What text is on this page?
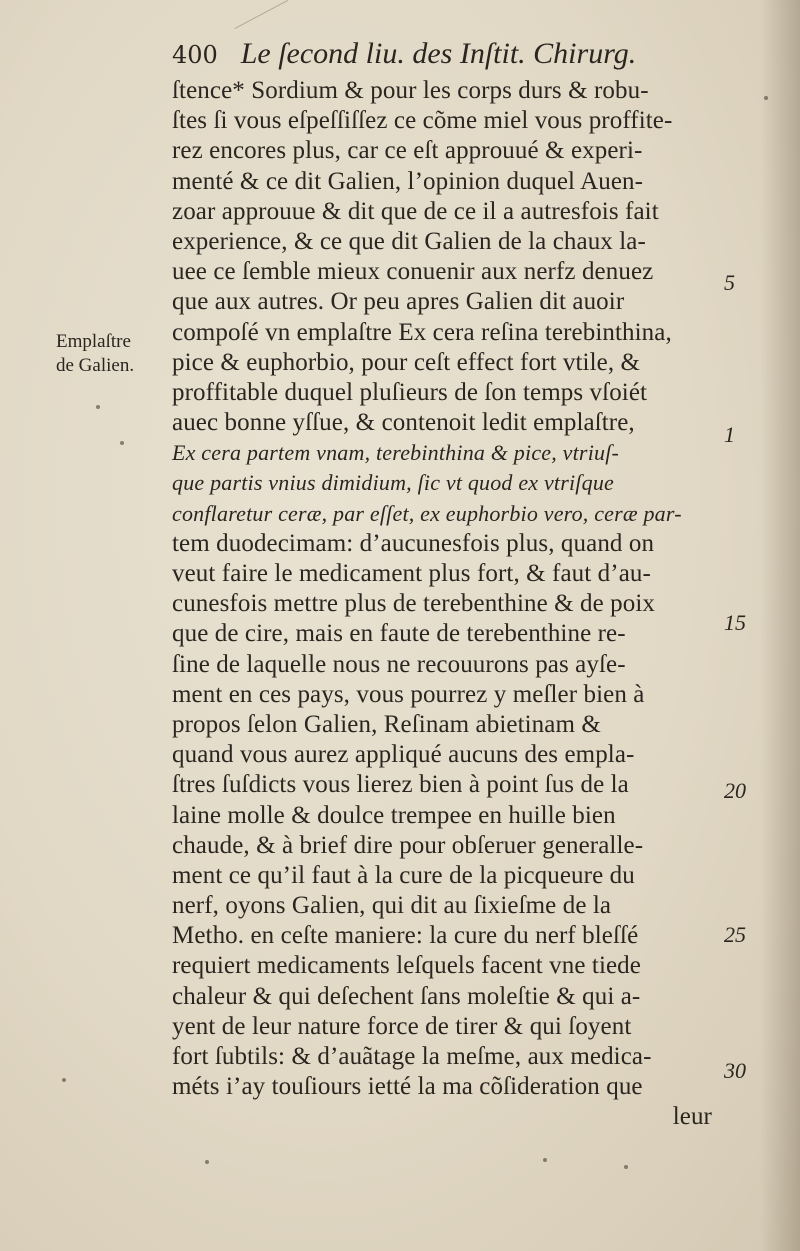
400 Le ſecond liu. des Inſtit. Chirurg.
Emplaſtre
de Galien.
5
1
15
20
25
30
ſtence* Sordium & pour les corps durs & robu-
ſtes ſi vous eſpeſſiſſez ce cõme miel vous proffite-
rez encores plus, car ce eſt approuué & experi-
menté & ce dit Galien, l’opinion duquel Auen-
zoar approuue & dit que de ce il a autresfois fait
experience, & ce que dit Galien de la chaux la-
uee ce ſemble mieux conuenir aux nerfz denuez
que aux autres. Or peu apres Galien dit auoir
compoſé vn emplaſtre Ex cera reſina terebinthina,
pice & euphorbio, pour ceſt effect fort vtile, &
proffitable duquel pluſieurs de ſon temps vſoiét
auec bonne yſſue, & contenoit ledit emplaſtre,
Ex cera partem vnam, terebinthina & pice, vtriuſ-
que partis vnius dimidium, ſic vt quod ex vtriſque
conflaretur ceræ, par eſſet, ex euphorbio vero, ceræ par-
tem duodecimam: d’aucunesfois plus, quand on
veut faire le medicament plus fort, & faut d’au-
cunesfois mettre plus de terebenthine & de poix
que de cire, mais en faute de terebenthine re-
ſine de laquelle nous ne recouurons pas ayſe-
ment en ces pays, vous pourrez y meſler bien à
propos ſelon Galien, Reſinam abietinam &
quand vous aurez appliqué aucuns des empla-
ſtres ſuſdicts vous lierez bien à point ſus de la
laine molle & doulce trempee en huille bien
chaude, & à brief dire pour obſeruer generalle-
ment ce qu’il faut à la cure de la picqueure du
nerf, oyons Galien, qui dit au ſixieſme de la
Metho. en ceſte maniere: la cure du nerf bleſſé
requiert medicaments leſquels facent vne tiede
chaleur & qui deſechent ſans moleſtie & qui a-
yent de leur nature force de tirer & qui ſoyent
fort ſubtils: & d’auãtage la meſme, aux medica-
méts i’ay touſiours ietté la ma cõſideration que
leur
